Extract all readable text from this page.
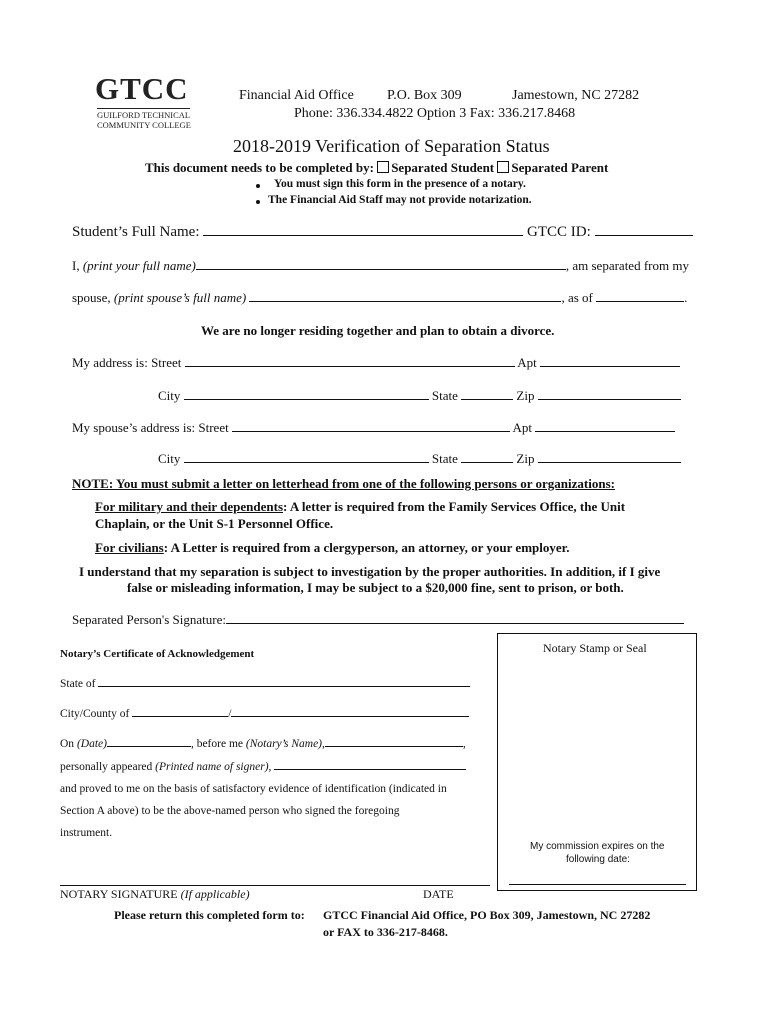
GTCC
GUILFORD TECHNICAL
COMMUNITY COLLEGE
Financial Aid Office P.O. Box 309	Jamestown, NC 27282
Phone: 336.334.4822 Option 3 Fax: 336.217.8468
2018-2019 Verification of Separation Status
This document needs to be completed by: Separated Student Separated Parent
You must sign this form in the presence of a notary.
The Financial Aid Staff may not provide notarization.
Student’s Full Name:	GTCC ID:
I, (print your full name)	, am separated from my
spouse, (print spouse’s full name)	, as of	.
We are no longer residing together and plan to obtain a divorce.
My address is: Street	Apt
City	State	Zip
My spouse’s address is: Street	Apt
City	State	Zip
NOTE: You must submit a letter on letterhead from one of the following persons or organizations:
For military and their dependents: A letter is required from the Family Services Office, the Unit
Chaplain, or the Unit S-1 Personnel Office.
For civilians: A Letter is required from a clergyperson, an attorney, or your employer.
I understand that my separation is subject to investigation by the proper authorities. In addition, if I give
false or misleading information, I may be subject to a $20,000 fine, sent to prison, or both.
Separated Person's Signature:
Notary Stamp or Seal
My commission expires on the
following date:
Notary’s Certificate of Acknowledgement
State of
City/County of	/
On (Date)	, before me (Notary’s Name),	,
personally appeared (Printed name of signer),
and proved to me on the basis of satisfactory evidence of identification (indicated in
Section A above) to be the above-named person who signed the foregoing
instrument.
NOTARY SIGNATURE (If applicable)	DATE
Please return this completed form to: GTCC Financial Aid Office, PO Box 309, Jamestown, NC 27282
or FAX to 336-217-8468.
